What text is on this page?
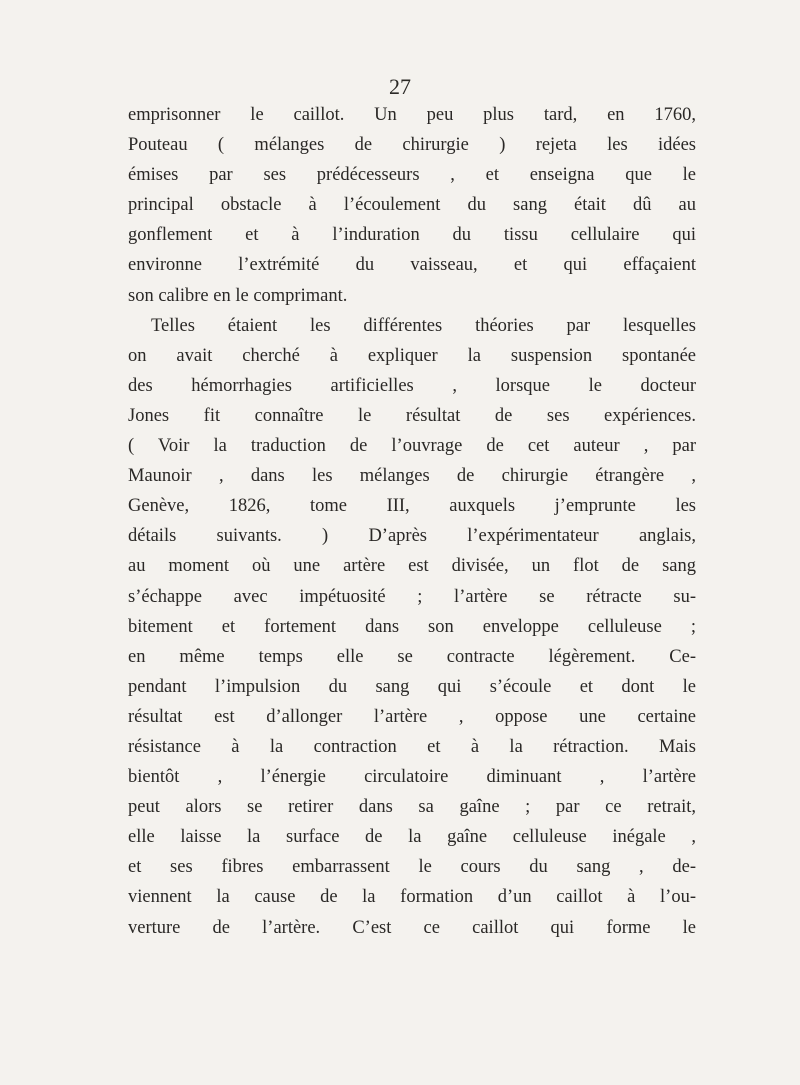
27

emprisonner le caillot. Un peu plus tard, en 1760,
Pouteau ( mélanges de chirurgie ) rejeta les idées
émises par ses prédécesseurs , et enseigna que le
principal obstacle à l’écoulement du sang était dû au
gonflement et à l’induration du tissu cellulaire qui
environne l’extrémité du vaisseau, et qui effaçaient
son calibre en le comprimant.
Telles étaient les différentes théories par lesquelles
on avait cherché à expliquer la suspension spontanée
des hémorrhagies artificielles , lorsque le docteur
Jones fit connaître le résultat de ses expériences.
( Voir la traduction de l’ouvrage de cet auteur , par
Maunoir , dans les mélanges de chirurgie étrangère ,
Genève, 1826, tome III, auxquels j’emprunte les
détails suivants. ) D’après l’expérimentateur anglais,
au moment où une artère est divisée, un flot de sang
s’échappe avec impétuosité ; l’artère se rétracte su-
bitement et fortement dans son enveloppe celluleuse ;
en même temps elle se contracte légèrement. Ce-
pendant l’impulsion du sang qui s’écoule et dont le
résultat est d’allonger l’artère , oppose une certaine
résistance à la contraction et à la rétraction. Mais
bientôt , l’énergie circulatoire diminuant , l’artère
peut alors se retirer dans sa gaîne ; par ce retrait,
elle laisse la surface de la gaîne celluleuse inégale ,
et ses fibres embarrassent le cours du sang , de-
viennent la cause de la formation d’un caillot à l’ou-
verture de l’artère. C’est ce caillot qui forme le
